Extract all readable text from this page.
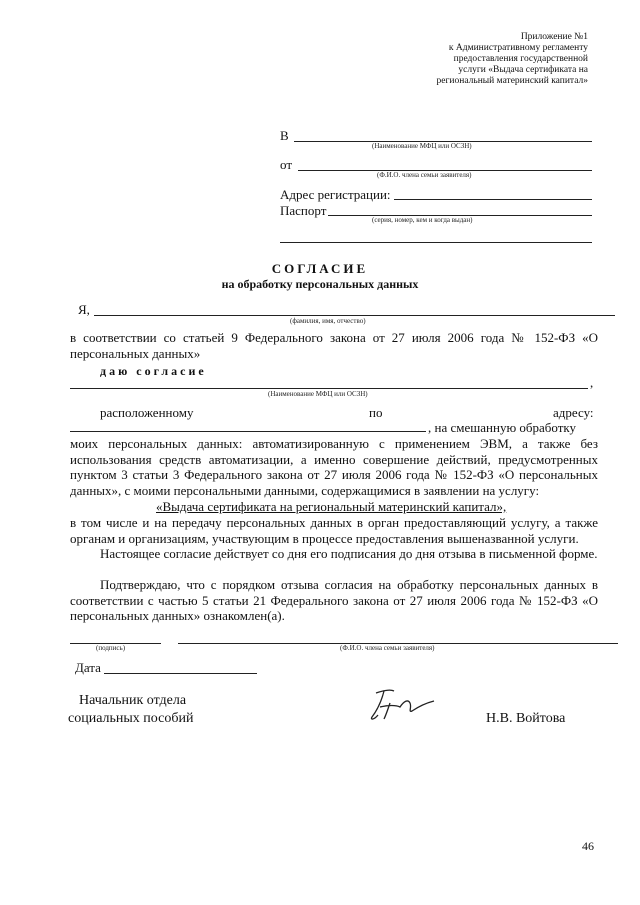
Приложение №1
к Административному регламенту
предоставления государственной
услуги «Выдача сертификата на
региональный материнский капитал»
В
(Наименование МФЦ или ОСЗН)
от
(Ф.И.О. члена семьи заявителя)
Адрес регистрации:
Паспорт
(серия, номер, кем и когда выдан)
СОГЛАСИЕ
на обработку персональных данных
Я,
(фамилия, имя, отчество)
в соответствии со статьей 9 Федерального закона от 27 июля 2006 года № 152-ФЗ «О персональных данных»
даю согласие
,
(Наименование МФЦ или ОСЗН)
расположенному	по	адресу:
, на смешанную обработку
моих персональных данных: автоматизированную с применением ЭВМ, а также без использования средств автоматизации, а именно совершение действий, предусмотренных пунктом 3 статьи 3 Федерального закона от 27 июля 2006 года № 152-ФЗ «О персональных данных», с моими персональными данными, содержащимися в заявлении на услугу:
«Выдача сертификата на региональный материнский капитал»,
в том числе и на передачу персональных данных в орган предоставляющий услугу, а также органам и организациям, участвующим в процессе предоставления вышеназванной услуги.
Настоящее согласие действует со дня его подписания до дня отзыва в письменной форме.
Подтверждаю, что с порядком отзыва согласия на обработку персональных данных в соответствии с частью 5 статьи 21 Федерального закона от 27 июля 2006 года № 152-ФЗ «О персональных данных» ознакомлен(а).
(подпись)	(Ф.И.О. члена семьи заявителя)
Дата
Начальник отдела
социальных пособий	Н.В. Войтова
46
